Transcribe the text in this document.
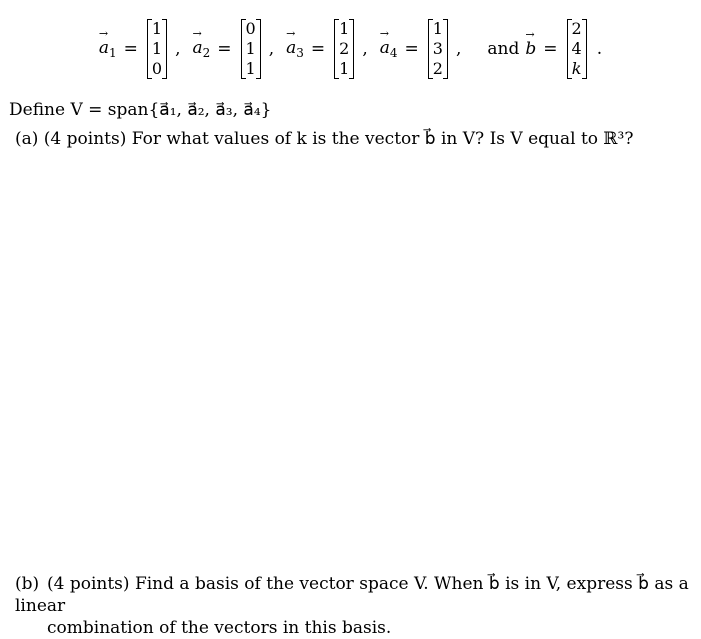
→
$a_1$ =
1
1
0
,
→
$a_2$ =
0
1
1
,
→
$a_3$ =
1
2
1
,
→
$a_4$ =
1
3
2
, and
→
b =
2
4
k
.
Define V = span{a⃗₁, a⃗₂, a⃗₃, a⃗₄}
(a) (4 points) For what values of k is the vector b⃗ in V? Is V equal to ℝ³?
(b) (4 points) Find a basis of the vector space V. When b⃗ is in V, express b⃗ as a linear
combination of the vectors in this basis.
